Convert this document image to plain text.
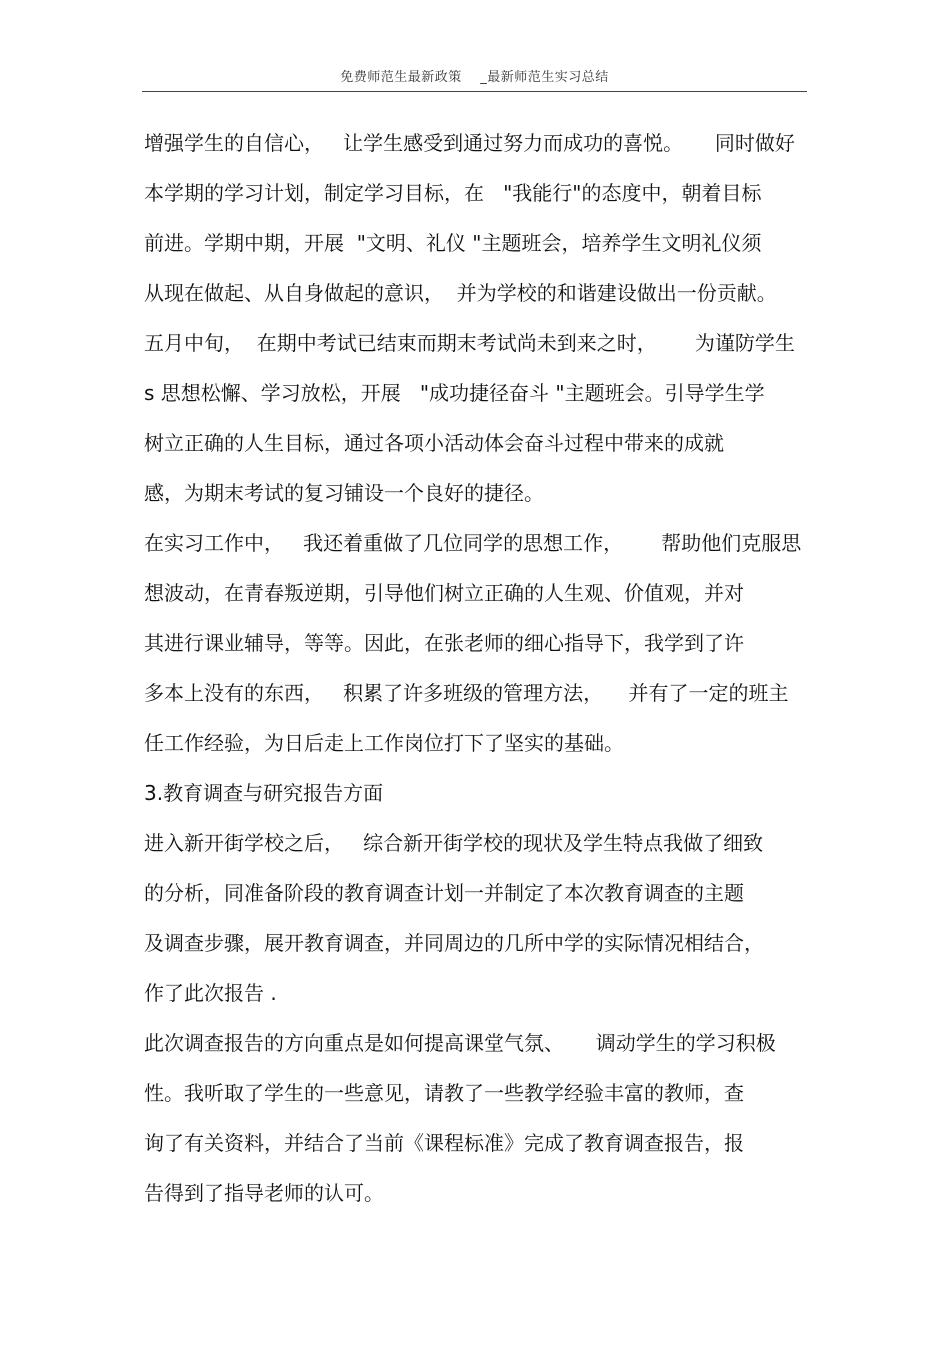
免费师范生最新政策 _最新师范生实习总结
增强学生的自信心，   让学生感受到通过努力而成功的喜悦。     同时做好
本学期的学习计划，制定学习目标，在   "我能行"的态度中，朝着目标
前进。学期中期，开展  "文明、礼仪 "主题班会，培养学生文明礼仪须
从现在做起、从自身做起的意识，  并为学校的和谐建设做出一份贡献。
五月中旬，  在期中考试已结束而期末考试尚未到来之时，      为谨防学生
s 思想松懈、学习放松，开展   "成功捷径奋斗 "主题班会。引导学生学
树立正确的人生目标，通过各项小活动体会奋斗过程中带来的成就
感，为期末考试的复习铺设一个良好的捷径。
在实习工作中，   我还着重做了几位同学的思想工作，      帮助他们克服思
想波动，在青春叛逆期，引导他们树立正确的人生观、价值观，并对
其进行课业辅导，等等。因此，在张老师的细心指导下，我学到了许
多本上没有的东西，   积累了许多班级的管理方法，    并有了一定的班主
任工作经验，为日后走上工作岗位打下了坚实的基础。
3.教育调查与研究报告方面
进入新开街学校之后，   综合新开街学校的现状及学生特点我做了细致
的分析，同准备阶段的教育调查计划一并制定了本次教育调查的主题
及调查步骤，展开教育调查，并同周边的几所中学的实际情况相结合，
作了此次报告 .
此次调查报告的方向重点是如何提高课堂气氛、     调动学生的学习积极
性。我听取了学生的一些意见，请教了一些教学经验丰富的教师，查
询了有关资料，并结合了当前《课程标准》完成了教育调查报告，报
告得到了指导老师的认可。
